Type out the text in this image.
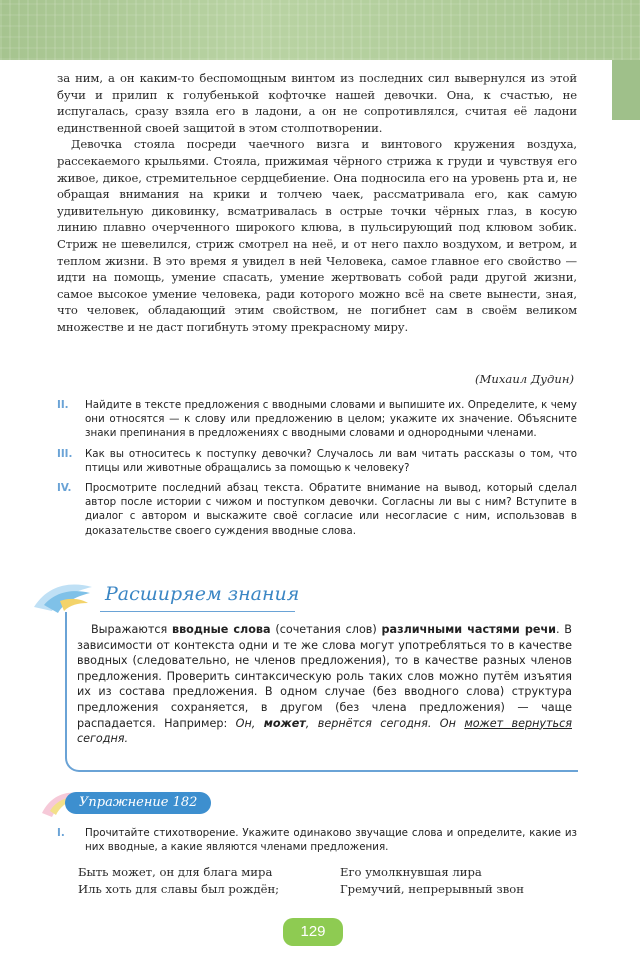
за ним, а он каким-то беспомощным винтом из последних сил вывернулся из этой бучи и прилип к голубенькой кофточке нашей девочки. Она, к счастью, не испугалась, сразу взяла его в ладони, а он не сопротивлялся, считая её ладони единственной своей защитой в этом столпотворении.

Девочка стояла посреди чаечного визга и винтового кружения воздуха, рассекаемого крыльями. Стояла, прижимая чёрного стрижа к груди и чувствуя его живое, дикое, стремительное сердцебиение. Она подносила его на уровень рта и, не обращая внимания на крики и толчею чаек, рассматривала его, как самую удивительную диковинку, всматривалась в острые точки чёрных глаз, в косую линию плавно очерченного широкого клюва, в пульсирующий под клювом зобик. Стриж не шевелился, стриж смотрел на неё, и от него пахло воздухом, и ветром, и теплом жизни. В это время я увидел в ней Человека, самое главное его свойство — идти на помощь, умение спасать, умение жертвовать собой ради другой жизни, самое высокое умение человека, ради которого можно всё на свете вынести, зная, что человек, обладающий этим свойством, не погибнет сам в своём великом множестве и не даст погибнуть этому прекрасному миру.

(Михаил Дудин)
II. Найдите в тексте предложения с вводными словами и выпишите их. Определите, к чему они относятся — к слову или предложению в целом; укажите их значение. Объясните знаки препинания в предложениях с вводными словами и однородными членами.
III. Как вы относитесь к поступку девочки? Случалось ли вам читать рассказы о том, что птицы или животные обращались за помощью к человеку?
IV. Просмотрите последний абзац текста. Обратите внимание на вывод, который сделал автор после истории с чижом и поступком девочки. Согласны ли вы с ним? Вступите в диалог с автором и выскажите своё согласие или несогласие с ним, использовав в доказательстве своего суждения вводные слова.
Расширяем знания
Выражаются вводные слова (сочетания слов) различными частями речи. В зависимости от контекста одни и те же слова могут употребляться то в качестве вводных (следовательно, не членов предложения), то в качестве разных членов предложения. Проверить синтаксическую роль таких слов можно путём изъятия их из состава предложения. В одном случае (без вводного слова) структура предложения сохраняется, в другом (без члена предложения) — чаще распадается. Например: Он, может, вернётся сегодня. Он может вернуться сегодня.
Упражнение 182
I.	Прочитайте стихотворение. Укажите одинаково звучащие слова и определите, какие из них вводные, а какие являются членами предложения.
Быть может, он для блага мира
Иль хоть для славы был рождён;
Его умолкнувшая лира
Гремучий, непрерывный звон
129
